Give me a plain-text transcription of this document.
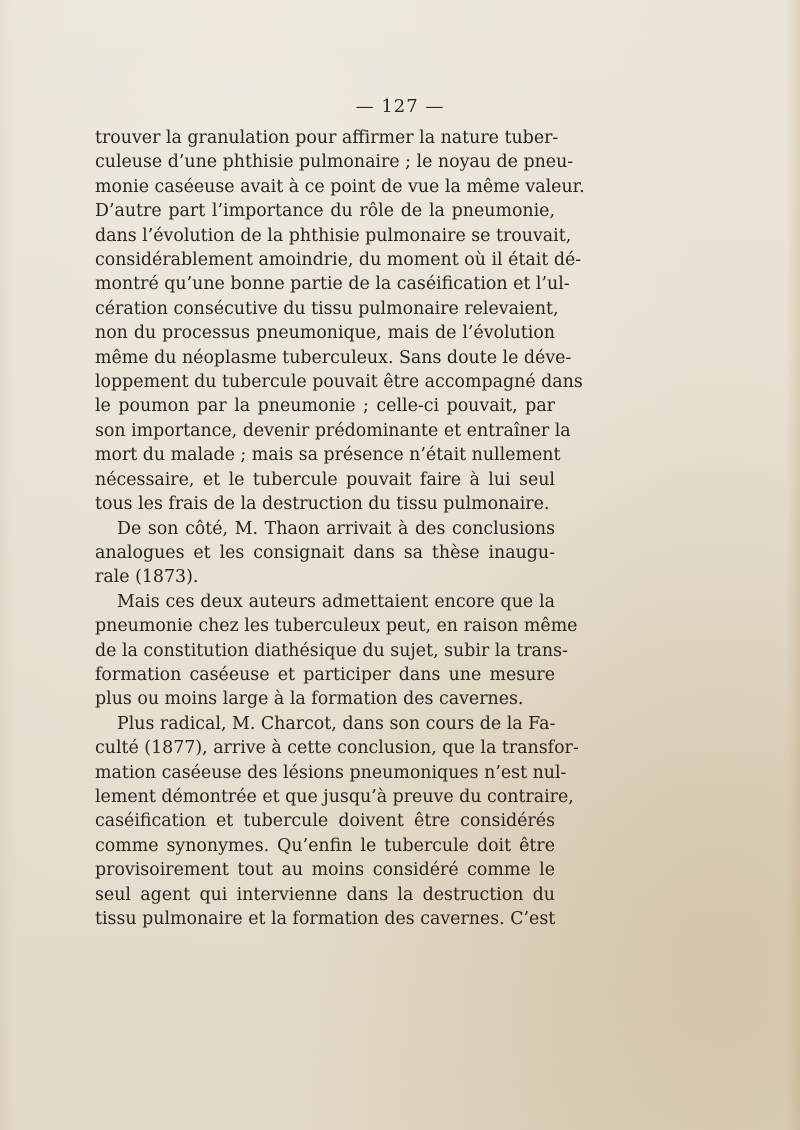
— 127 —
trouver la granulation pour affirmer la nature tuber-
culeuse d’une phthisie pulmonaire ; le noyau de pneu-
monie caséeuse avait à ce point de vue la même valeur.
D’autre part l’importance du rôle de la pneumonie,
dans l’évolution de la phthisie pulmonaire se trouvait,
considérablement amoindrie, du moment où il était dé-
montré qu’une bonne partie de la caséification et l’ul-
cération consécutive du tissu pulmonaire relevaient,
non du processus pneumonique, mais de l’évolution
même du néoplasme tuberculeux. Sans doute le déve-
loppement du tubercule pouvait être accompagné dans
le poumon par la pneumonie ; celle-ci pouvait, par
son importance, devenir prédominante et entraîner la
mort du malade ; mais sa présence n’était nullement
nécessaire, et le tubercule pouvait faire à lui seul
tous les frais de la destruction du tissu pulmonaire.
De son côté, M. Thaon arrivait à des conclusions
analogues et les consignait dans sa thèse inaugu-
rale (1873).
Mais ces deux auteurs admettaient encore que la
pneumonie chez les tuberculeux peut, en raison même
de la constitution diathésique du sujet, subir la trans-
formation caséeuse et participer dans une mesure
plus ou moins large à la formation des cavernes.
Plus radical, M. Charcot, dans son cours de la Fa-
culté (1877), arrive à cette conclusion, que la transfor-
mation caséeuse des lésions pneumoniques n’est nul-
lement démontrée et que jusqu’à preuve du contraire,
caséification et tubercule doivent être considérés
comme synonymes. Qu’enfin le tubercule doit être
provisoirement tout au moins considéré comme le
seul agent qui intervienne dans la destruction du
tissu pulmonaire et la formation des cavernes. C’est
